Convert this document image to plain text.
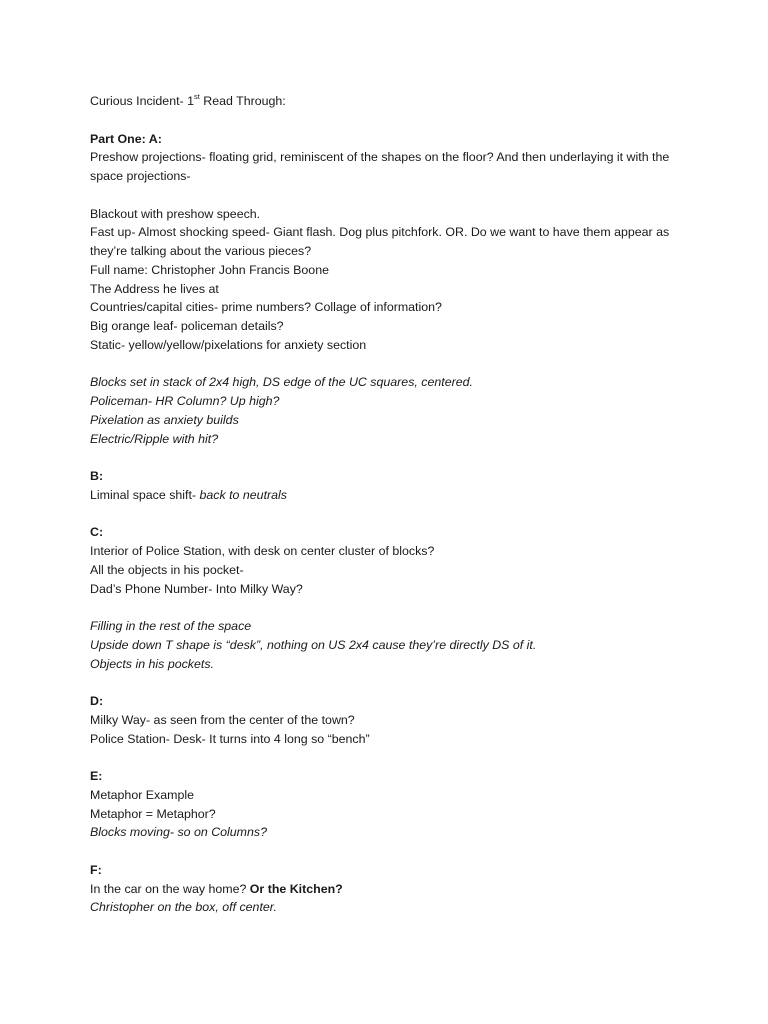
Curious Incident- 1st Read Through:
Part One: A:
Preshow projections- floating grid, reminiscent of the shapes on the floor? And then underlaying it with the space projections-
Blackout with preshow speech.
Fast up- Almost shocking speed- Giant flash. Dog plus pitchfork. OR. Do we want to have them appear as
they’re talking about the various pieces?
Full name: Christopher John Francis Boone
The Address he lives at
Countries/capital cities- prime numbers? Collage of information?
Big orange leaf- policeman details?
Static- yellow/yellow/pixelations for anxiety section
Blocks set in stack of 2x4 high, DS edge of the UC squares, centered.
Policeman- HR Column? Up high?
Pixelation as anxiety builds
Electric/Ripple with hit?
B:
Liminal space shift- back to neutrals
C:
Interior of Police Station, with desk on center cluster of blocks?
All the objects in his pocket-
Dad’s Phone Number- Into Milky Way?
Filling in the rest of the space
Upside down T shape is “desk”, nothing on US 2x4 cause they’re directly DS of it.
Objects in his pockets.
D:
Milky Way- as seen from the center of the town?
Police Station- Desk- It turns into 4 long so “bench”
E:
Metaphor Example
Metaphor = Metaphor?
Blocks moving- so on Columns?
F:
In the car on the way home? Or the Kitchen?
Christopher on the box, off center.
